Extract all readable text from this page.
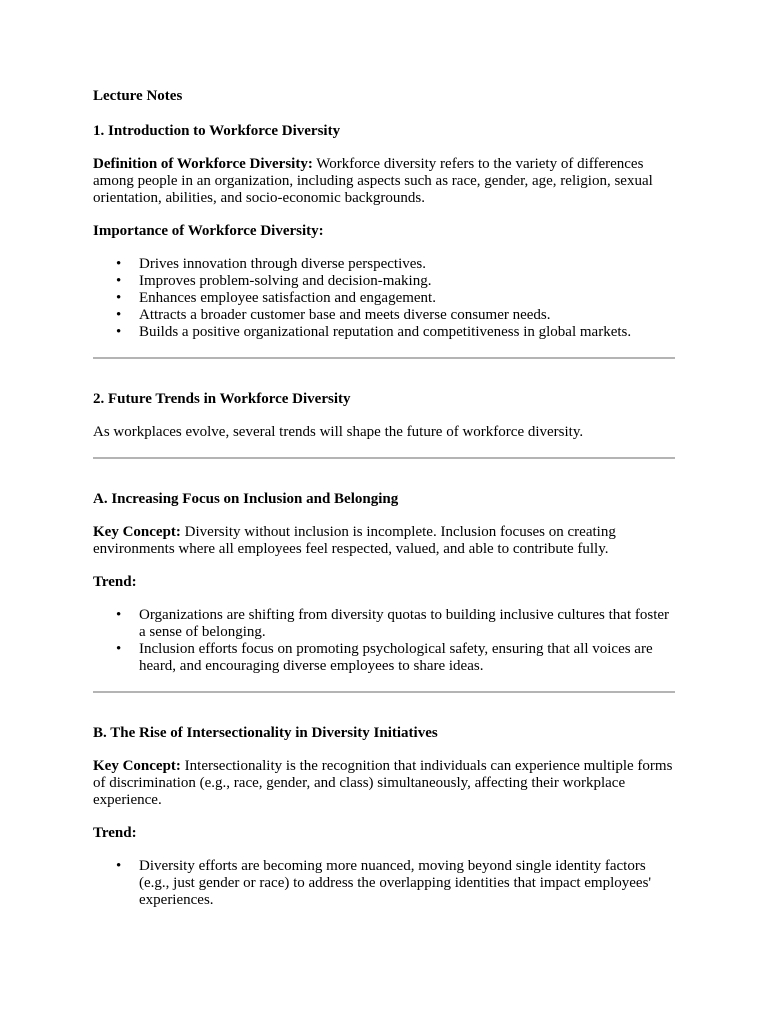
Lecture Notes

1. Introduction to Workforce Diversity

Definition of Workforce Diversity: Workforce diversity refers to the variety of differences among people in an organization, including aspects such as race, gender, age, religion, sexual orientation, abilities, and socio-economic backgrounds.

Importance of Workforce Diversity:

• Drives innovation through diverse perspectives.
• Improves problem-solving and decision-making.
• Enhances employee satisfaction and engagement.
• Attracts a broader customer base and meets diverse consumer needs.
• Builds a positive organizational reputation and competitiveness in global markets.

2. Future Trends in Workforce Diversity

As workplaces evolve, several trends will shape the future of workforce diversity.

A. Increasing Focus on Inclusion and Belonging

Key Concept: Diversity without inclusion is incomplete. Inclusion focuses on creating environments where all employees feel respected, valued, and able to contribute fully.

Trend:

• Organizations are shifting from diversity quotas to building inclusive cultures that foster a sense of belonging.
• Inclusion efforts focus on promoting psychological safety, ensuring that all voices are heard, and encouraging diverse employees to share ideas.

B. The Rise of Intersectionality in Diversity Initiatives

Key Concept: Intersectionality is the recognition that individuals can experience multiple forms of discrimination (e.g., race, gender, and class) simultaneously, affecting their workplace experience.

Trend:

• Diversity efforts are becoming more nuanced, moving beyond single identity factors (e.g., just gender or race) to address the overlapping identities that impact employees' experiences.
